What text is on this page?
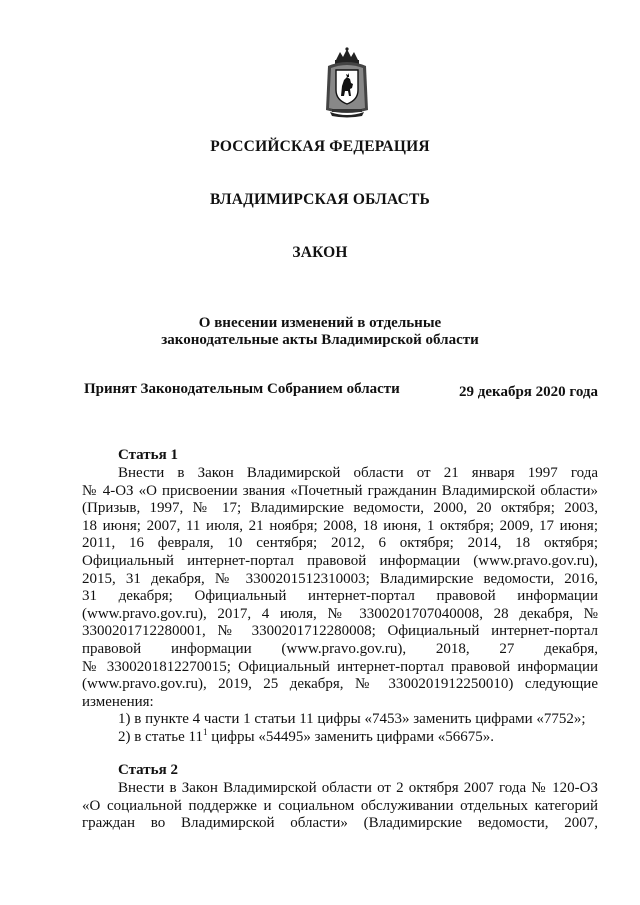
РОССИЙСКАЯ ФЕДЕРАЦИЯ
ВЛАДИМИРСКАЯ ОБЛАСТЬ
ЗАКОН
О внесении изменений в отдельные
законодательные акты Владимирской области
Принят Законодательным Собранием области	29 декабря 2020 года
Статья 1
Внести в Закон Владимирской области от 21 января 1997 года
№ 4-ОЗ «О присвоении звания «Почетный гражданин Владимирской области»
(Призыв, 1997, № 17; Владимирские ведомости, 2000, 20 октября; 2003,
18 июня; 2007, 11 июля, 21 ноября; 2008, 18 июня, 1 октября; 2009, 17 июня;
2011, 16 февраля, 10 сентября; 2012, 6 октября; 2014, 18 октября;
Официальный интернет-портал правовой информации (www.pravo.gov.ru),
2015, 31 декабря, № 3300201512310003; Владимирские ведомости, 2016,
31 декабря; Официальный интернет-портал правовой информации
(www.pravo.gov.ru), 2017, 4 июля, № 3300201707040008, 28 декабря, №
3300201712280001, № 3300201712280008; Официальный интернет-портал
правовой информации (www.pravo.gov.ru), 2018, 27 декабря,
№ 3300201812270015; Официальный интернет-портал правовой информации
(www.pravo.gov.ru), 2019, 25 декабря, № 3300201912250010) следующие
изменения:
1) в пункте 4 части 1 статьи 11 цифры «7453» заменить цифрами «7752»;
2) в статье $11^1$ цифры «54495» заменить цифрами «56675».
Статья 2
Внести в Закон Владимирской области от 2 октября 2007 года № 120-ОЗ
«О социальной поддержке и социальном обслуживании отдельных категорий
граждан во Владимирской области» (Владимирские ведомости, 2007,
